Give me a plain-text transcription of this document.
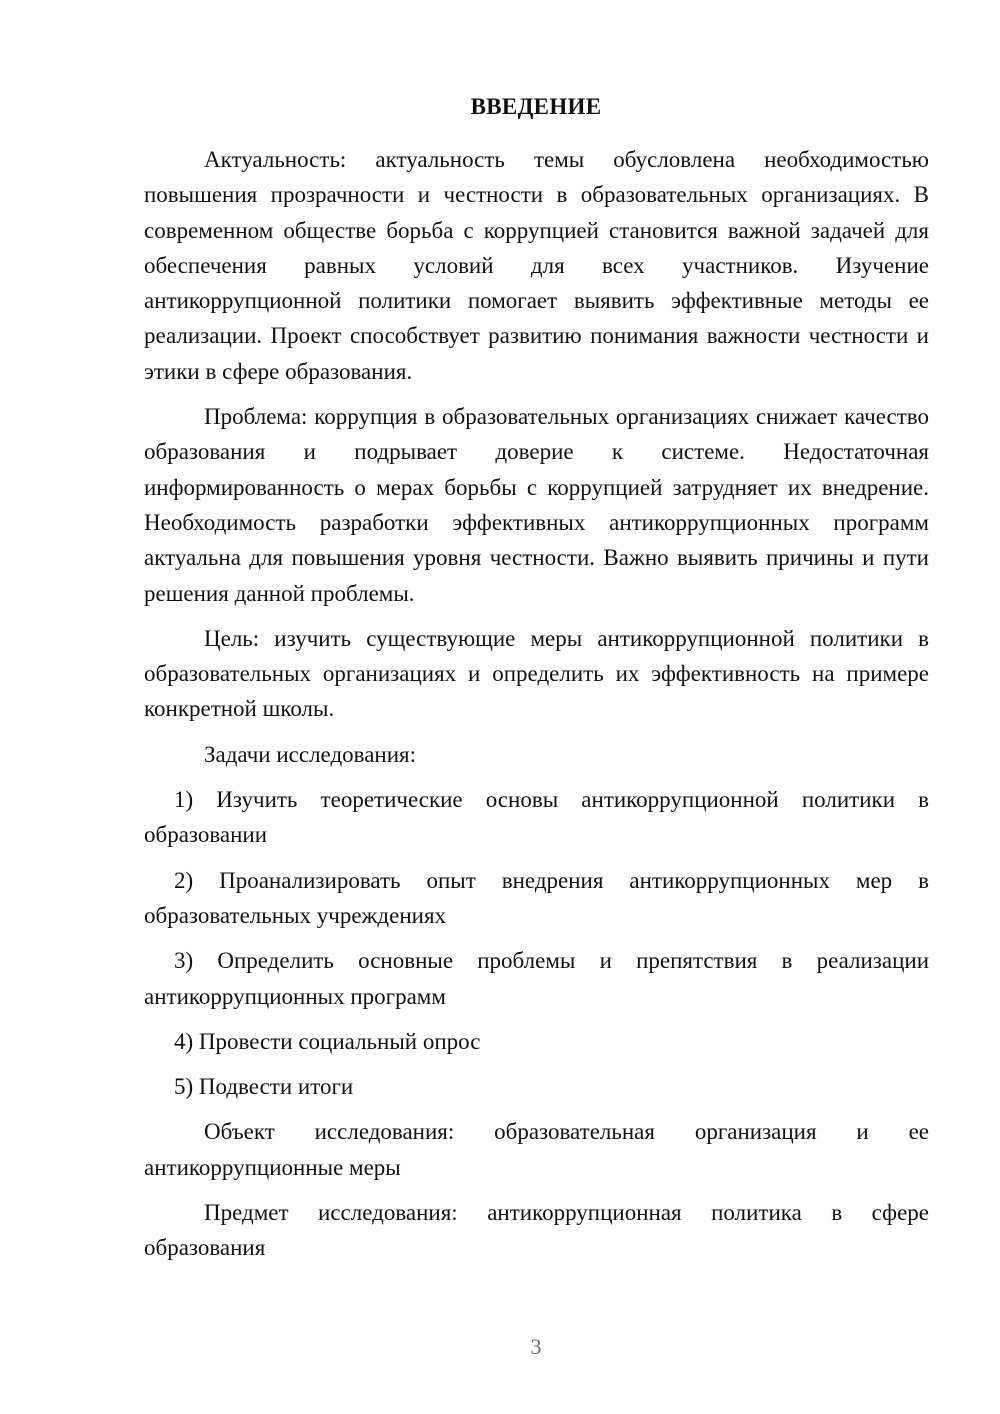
ВВЕДЕНИЕ

Актуальность: актуальность темы обусловлена необходимостью повышения прозрачности и честности в образовательных организациях. В современном обществе борьба с коррупцией становится важной задачей для обеспечения равных условий для всех участников. Изучение антикоррупционной политики помогает выявить эффективные методы ее реализации. Проект способствует развитию понимания важности честности и этики в сфере образования.

Проблема: коррупция в образовательных организациях снижает качество образования и подрывает доверие к системе. Недостаточная информированность о мерах борьбы с коррупцией затрудняет их внедрение. Необходимость разработки эффективных антикоррупционных программ актуальна для повышения уровня честности. Важно выявить причины и пути решения данной проблемы.

Цель: изучить существующие меры антикоррупционной политики в образовательных организациях и определить их эффективность на примере конкретной школы.

Задачи исследования:

1) Изучить теоретические основы антикоррупционной политики в образовании

2) Проанализировать опыт внедрения антикоррупционных мер в образовательных учреждениях

3) Определить основные проблемы и препятствия в реализации антикоррупционных программ

4) Провести социальный опрос

5) Подвести итоги

Объект исследования: образовательная организация и ее антикоррупционные меры

Предмет исследования: антикоррупционная политика в сфере образования

3
